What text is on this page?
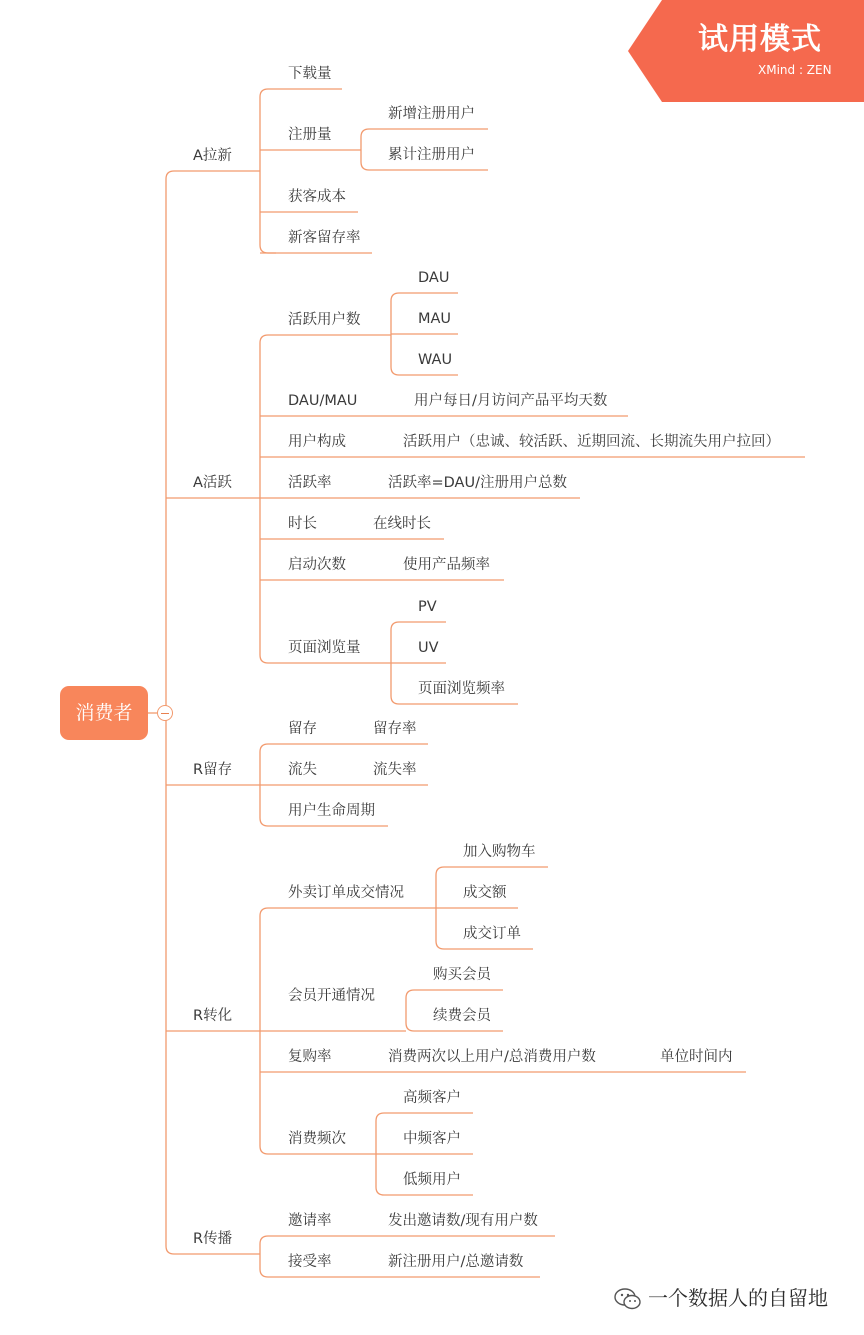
消费者
A拉新
A活跃
R留存
R转化
R传播
下载量
注册量
新增注册用户
累计注册用户
获客成本
新客留存率
活跃用户数
DAU
MAU
WAU
DAU/MAU	用户每日/月访问产品平均天数
用户构成	活跃用户（忠诚、较活跃、近期回流、长期流失用户拉回）
活跃率	活跃率=DAU/注册用户总数
时长	在线时长
启动次数	使用产品频率
页面浏览量
PV
UV
页面浏览频率
留存	留存率
流失	流失率
用户生命周期
外卖订单成交情况
加入购物车
成交额
成交订单
会员开通情况
购买会员
续费会员
复购率	消费两次以上用户/总消费用户数	单位时间内
消费频次
高频客户
中频客户
低频用户
邀请率	发出邀请数/现有用户数
接受率	新注册用户/总邀请数
试用模式
XMind : ZEN
一个数据人的自留地
